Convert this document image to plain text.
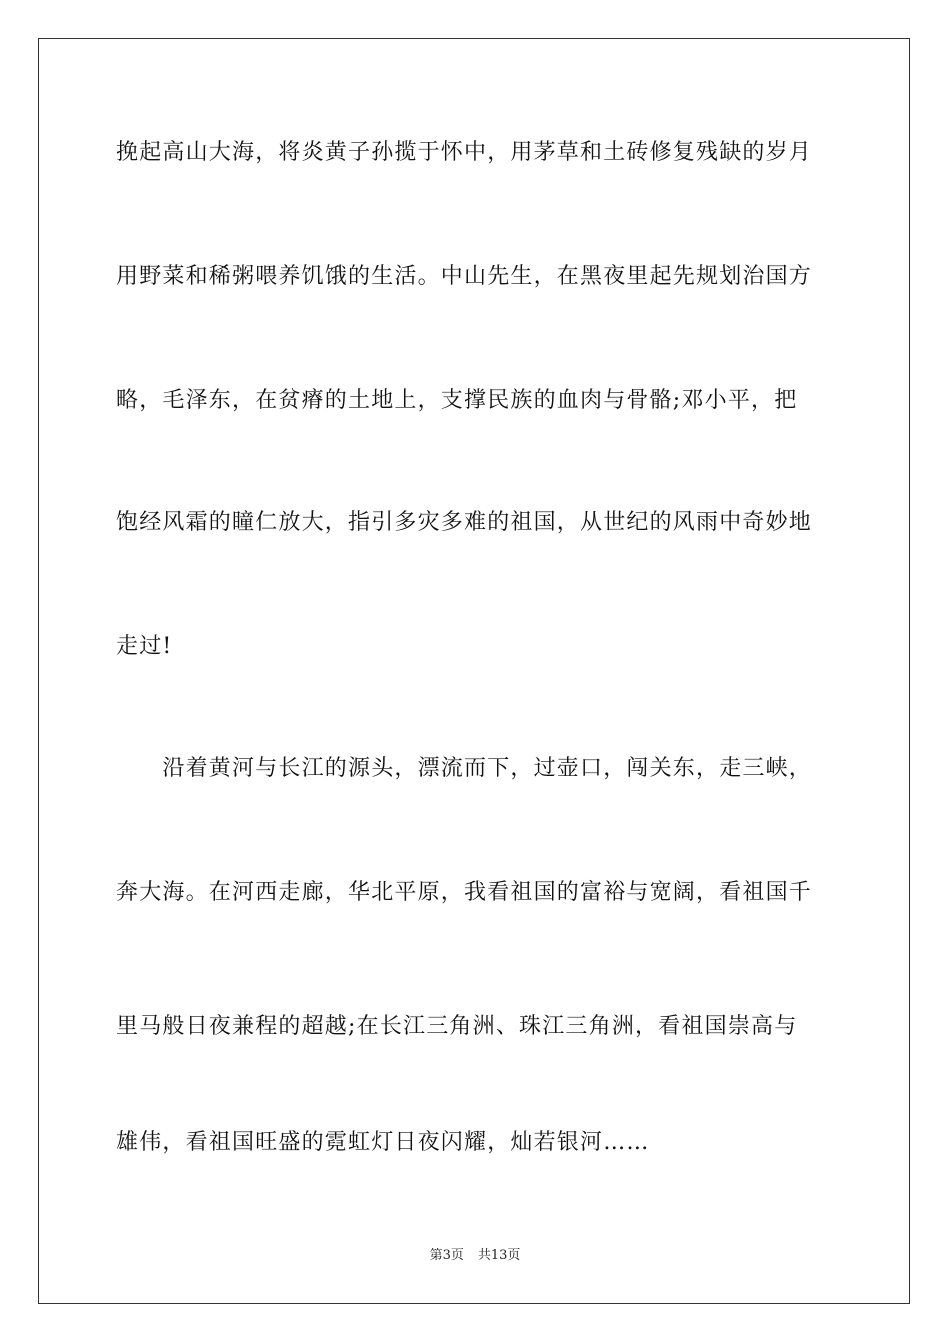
挽起高山大海，将炎黄子孙揽于怀中，用茅草和土砖修复残缺的岁月
用野菜和稀粥喂养饥饿的生活。中山先生，在黑夜里起先规划治国方
略，毛泽东，在贫瘠的土地上，支撑民族的血肉与骨骼;邓小平，把
饱经风霜的瞳仁放大，指引多灾多难的祖国，从世纪的风雨中奇妙地
走过!
　　沿着黄河与长江的源头，漂流而下，过壶口，闯关东，走三峡，
奔大海。在河西走廊，华北平原，我看祖国的富裕与宽阔，看祖国千
里马般日夜兼程的超越;在长江三角洲、珠江三角洲，看祖国崇高与
雄伟，看祖国旺盛的霓虹灯日夜闪耀，灿若银河……
第3页 共13页
